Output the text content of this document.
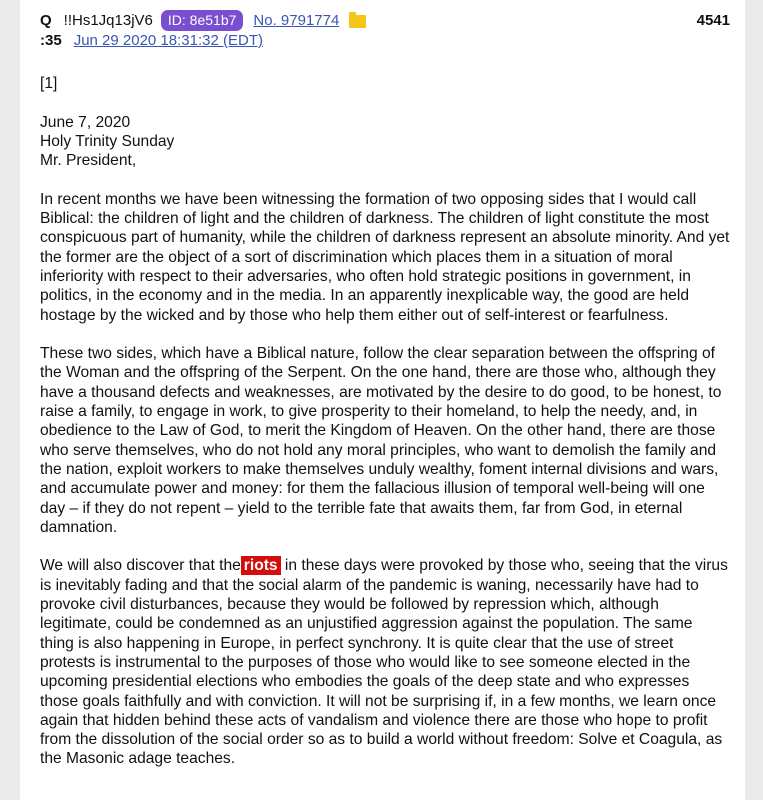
Q !!Hs1Jq13jV6	ID: 8e51b7	No. 9791774	4541
:35 Jun 29 2020 18:31:32 (EDT)

[1]

June 7, 2020
Holy Trinity Sunday
Mr. President,

In recent months we have been witnessing the formation of two opposing sides that I would call Biblical: the children of light and the children of darkness. The children of light constitute the most conspicuous part of humanity, while the children of darkness represent an absolute minority. And yet the former are the object of a sort of discrimination which places them in a situation of moral inferiority with respect to their adversaries, who often hold strategic positions in government, in politics, in the economy and in the media. In an apparently inexplicable way, the good are held hostage by the wicked and by those who help them either out of self-interest or fearfulness.

These two sides, which have a Biblical nature, follow the clear separation between the offspring of the Woman and the offspring of the Serpent. On the one hand, there are those who, although they have a thousand defects and weaknesses, are motivated by the desire to do good, to be honest, to raise a family, to engage in work, to give prosperity to their homeland, to help the needy, and, in obedience to the Law of God, to merit the Kingdom of Heaven. On the other hand, there are those who serve themselves, who do not hold any moral principles, who want to demolish the family and the nation, exploit workers to make themselves unduly wealthy, foment internal divisions and wars, and accumulate power and money: for them the fallacious illusion of temporal well-being will one day – if they do not repent – yield to the terrible fate that awaits them, far from God, in eternal damnation.

We will also discover that the riots in these days were provoked by those who, seeing that the virus is inevitably fading and that the social alarm of the pandemic is waning, necessarily have had to provoke civil disturbances, because they would be followed by repression which, although legitimate, could be condemned as an unjustified aggression against the population. The same thing is also happening in Europe, in perfect synchrony. It is quite clear that the use of street protests is instrumental to the purposes of those who would like to see someone elected in the upcoming presidential elections who embodies the goals of the deep state and who expresses those goals faithfully and with conviction. It will not be surprising if, in a few months, we learn once again that hidden behind these acts of vandalism and violence there are those who hope to profit from the dissolution of the social order so as to build a world without freedom: Solve et Coagula, as the Masonic adage teaches.
